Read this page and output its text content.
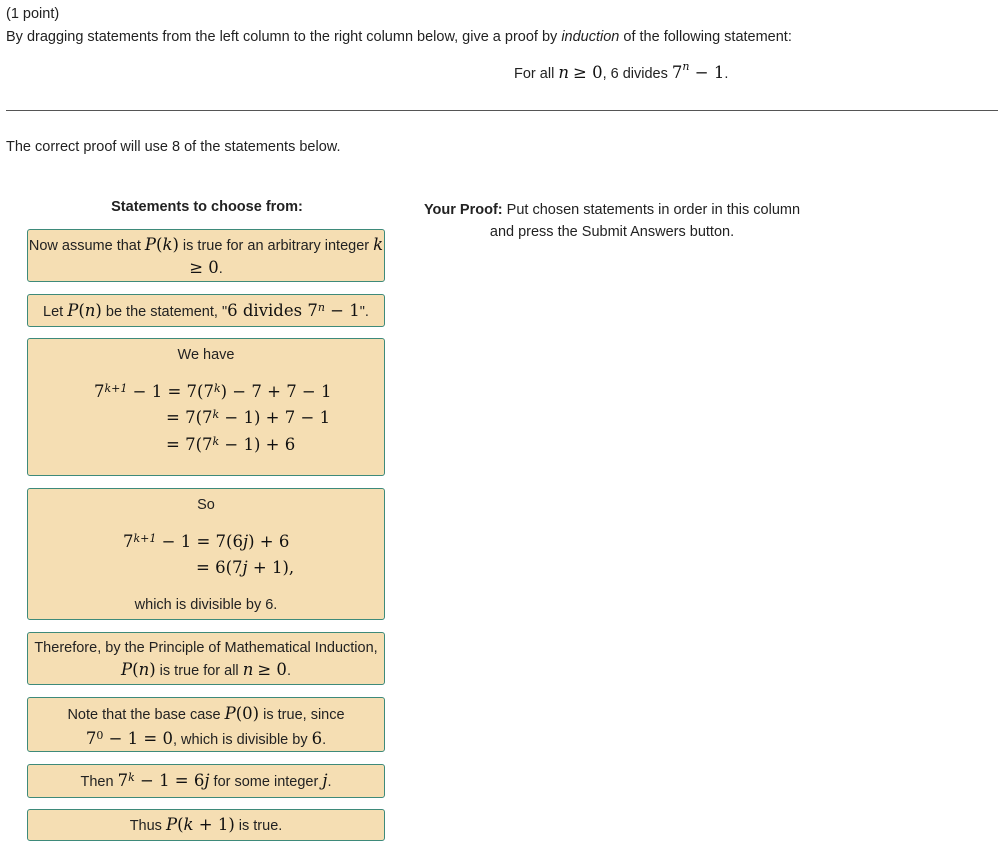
(1 point)
By dragging statements from the left column to the right column below, give a proof by induction of the following statement:
For all n ≥ 0, 6 divides $7^n - 1$.
The correct proof will use 8 of the statements below.
Statements to choose from:	Your Proof: Put chosen statements in order in this column and press the Submit Answers button.
Now assume that P(k) is true for an arbitrary integer k ≥ 0.
Let P(n) be the statement, "6 divides $7^n - 1$".
We have
$7^{k+1} - 1 = 7(7^k) - 7 + 7 - 1$
= $7(7^k - 1) + 7 - 1$
= $7(7^k - 1) + 6$
So
$7^{k+1} - 1 = 7(6j) + 6$
= 6(7j + 1),
which is divisible by 6.
Therefore, by the Principle of Mathematical Induction, P(n) is true for all n ≥ 0.
Note that the base case P(0) is true, since
$7^0 - 1 = 0$, which is divisible by 6.
Then $7^k - 1 = 6j$ for some integer j.
Thus P(k + 1) is true.
